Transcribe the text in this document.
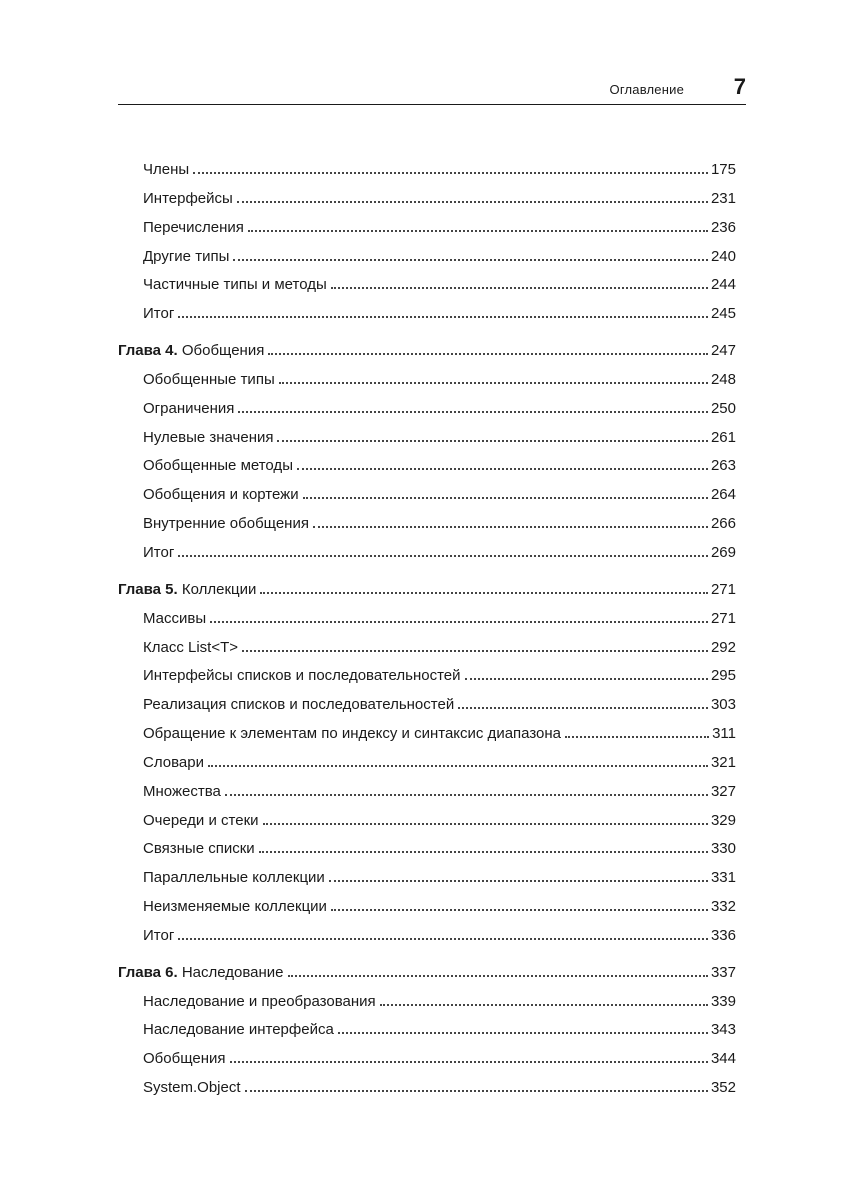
Оглавление 7
Члены	175
Интерфейсы	231
Перечисления	236
Другие типы	240
Частичные типы и методы	244
Итог	245
Глава 4. Обобщения	247
Обобщенные типы	248
Ограничения	250
Нулевые значения	261
Обобщенные методы	263
Обобщения и кортежи	264
Внутренние обобщения	266
Итог	269
Глава 5. Коллекции	271
Массивы	271
Класс List<T>	292
Интерфейсы списков и последовательностей	295
Реализация списков и последовательностей	303
Обращение к элементам по индексу и синтаксис диапазона	311
Словари	321
Множества	327
Очереди и стеки	329
Связные списки	330
Параллельные коллекции	331
Неизменяемые коллекции	332
Итог	336
Глава 6. Наследование	337
Наследование и преобразования	339
Наследование интерфейса	343
Обобщения	344
System.Object	352
